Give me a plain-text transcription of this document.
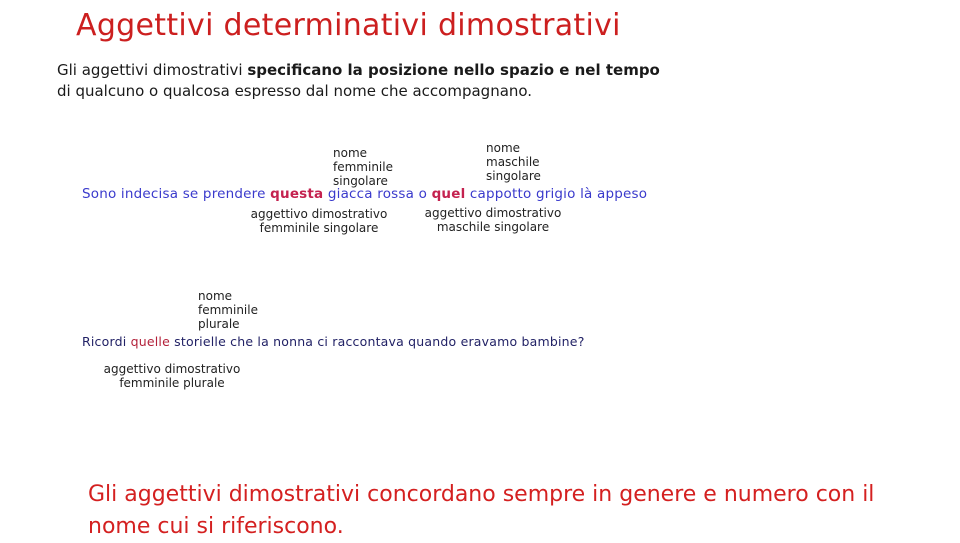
Aggettivi determinativi dimostrativi
Gli aggettivi dimostrativi specificano la posizione nello spazio e nel tempo
di qualcuno o qualcosa espresso dal nome che accompagnano.
nome
femminile
singolare
nome
maschile
singolare
Sono indecisa se prendere questa giacca rossa o quel cappotto grigio là appeso
aggettivo dimostrativo
femminile singolare
aggettivo dimostrativo
maschile singolare
nome
femminile
plurale
Ricordi quelle storielle che la nonna ci raccontava quando eravamo bambine?
aggettivo dimostrativo
femminile plurale
Gli aggettivi dimostrativi concordano sempre in genere e numero con il nome cui si riferiscono.
